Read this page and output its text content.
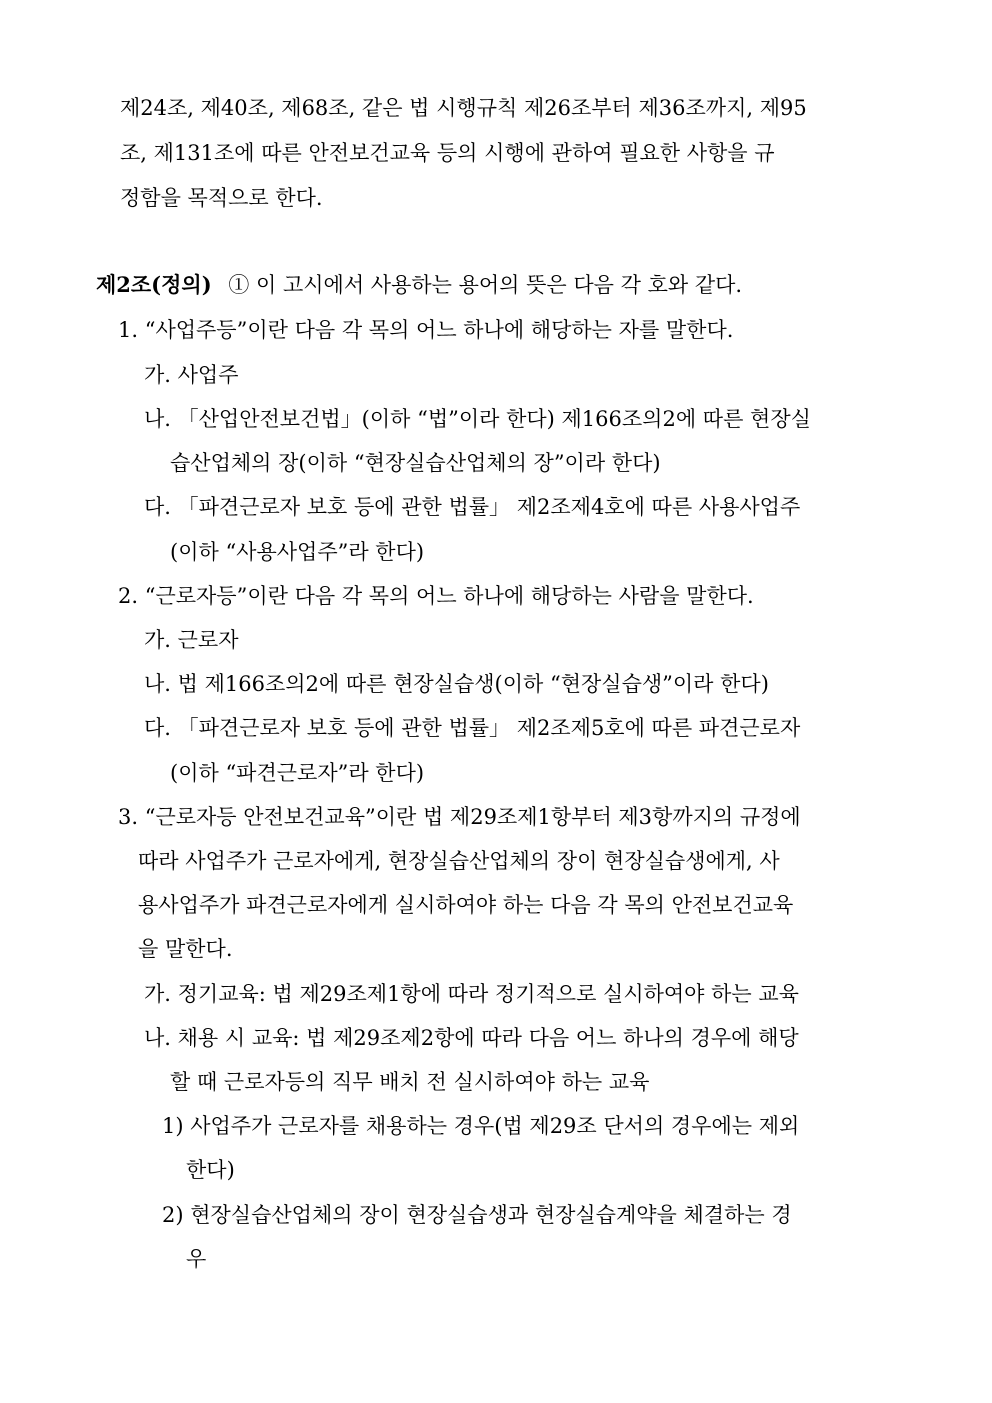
제24조, 제40조, 제68조, 같은 법 시행규칙 제26조부터 제36조까지, 제95
조, 제131조에 따른 안전보건교육 등의 시행에 관하여 필요한 사항을 규
정함을 목적으로 한다.
제2조(정의) ① 이 고시에서 사용하는 용어의 뜻은 다음 각 호와 같다.
1. “사업주등”이란 다음 각 목의 어느 하나에 해당하는 자를 말한다.
가. 사업주
나. 「산업안전보건법」(이하 “법”이라 한다) 제166조의2에 따른 현장실
습산업체의 장(이하 “현장실습산업체의 장”이라 한다)
다. 「파견근로자 보호 등에 관한 법률」 제2조제4호에 따른 사용사업주
(이하 “사용사업주”라 한다)
2. “근로자등”이란 다음 각 목의 어느 하나에 해당하는 사람을 말한다.
가. 근로자
나. 법 제166조의2에 따른 현장실습생(이하 “현장실습생”이라 한다)
다. 「파견근로자 보호 등에 관한 법률」 제2조제5호에 따른 파견근로자
(이하 “파견근로자”라 한다)
3. “근로자등 안전보건교육”이란 법 제29조제1항부터 제3항까지의 규정에
따라 사업주가 근로자에게, 현장실습산업체의 장이 현장실습생에게, 사
용사업주가 파견근로자에게 실시하여야 하는 다음 각 목의 안전보건교육
을 말한다.
가. 정기교육: 법 제29조제1항에 따라 정기적으로 실시하여야 하는 교육
나. 채용 시 교육: 법 제29조제2항에 따라 다음 어느 하나의 경우에 해당
할 때 근로자등의 직무 배치 전 실시하여야 하는 교육
1) 사업주가 근로자를 채용하는 경우(법 제29조 단서의 경우에는 제외
한다)
2) 현장실습산업체의 장이 현장실습생과 현장실습계약을 체결하는 경
우
